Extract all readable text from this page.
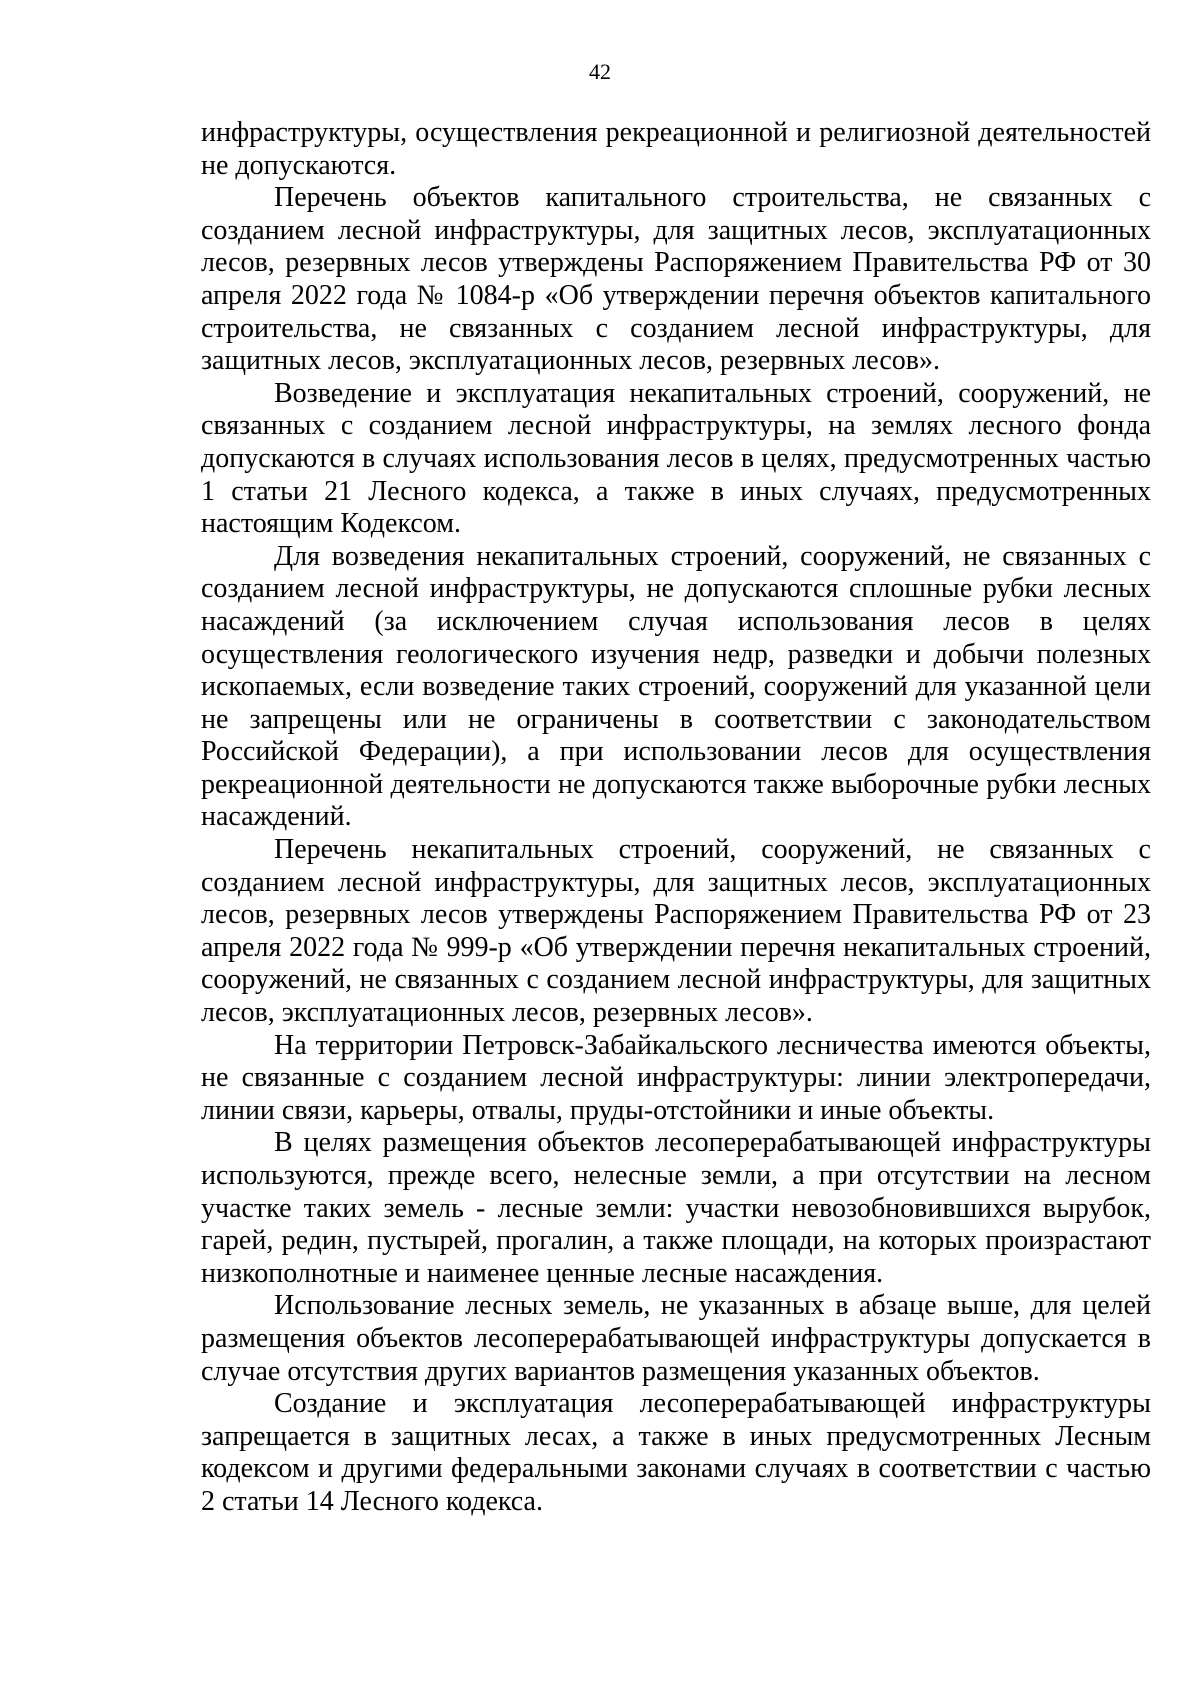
42

инфраструктуры, осуществления рекреационной и религиозной деятельностей не допускаются.

Перечень объектов капитального строительства, не связанных с созданием лесной инфраструктуры, для защитных лесов, эксплуатационных лесов, резервных лесов утверждены Распоряжением Правительства РФ от 30 апреля 2022 года № 1084-р «Об утверждении перечня объектов капитального строительства, не связанных с созданием лесной инфраструктуры, для защитных лесов, эксплуатационных лесов, резервных лесов».

Возведение и эксплуатация некапитальных строений, сооружений, не связанных с созданием лесной инфраструктуры, на землях лесного фонда допускаются в случаях использования лесов в целях, предусмотренных частью 1 статьи 21 Лесного кодекса, а также в иных случаях, предусмотренных настоящим Кодексом.

Для возведения некапитальных строений, сооружений, не связанных с созданием лесной инфраструктуры, не допускаются сплошные рубки лесных насаждений (за исключением случая использования лесов в целях осуществления геологического изучения недр, разведки и добычи полезных ископаемых, если возведение таких строений, сооружений для указанной цели не запрещены или не ограничены в соответствии с законодательством Российской Федерации), а при использовании лесов для осуществления рекреационной деятельности не допускаются также выборочные рубки лесных насаждений.

Перечень некапитальных строений, сооружений, не связанных с созданием лесной инфраструктуры, для защитных лесов, эксплуатационных лесов, резервных лесов утверждены Распоряжением Правительства РФ от 23 апреля 2022 года № 999-р «Об утверждении перечня некапитальных строений, сооружений, не связанных с созданием лесной инфраструктуры, для защитных лесов, эксплуатационных лесов, резервных лесов».

На территории Петровск-Забайкальского лесничества имеются объекты, не связанные с созданием лесной инфраструктуры: линии электропередачи, линии связи, карьеры, отвалы, пруды-отстойники и иные объекты.

В целях размещения объектов лесоперерабатывающей инфраструктуры используются, прежде всего, нелесные земли, а при отсутствии на лесном участке таких земель - лесные земли: участки невозобновившихся вырубок, гарей, редин, пустырей, прогалин, а также площади, на которых произрастают низкополнотные и наименее ценные лесные насаждения.

Использование лесных земель, не указанных в абзаце выше, для целей размещения объектов лесоперерабатывающей инфраструктуры допускается в случае отсутствия других вариантов размещения указанных объектов.

Создание и эксплуатация лесоперерабатывающей инфраструктуры запрещается в защитных лесах, а также в иных предусмотренных Лесным кодексом и другими федеральными законами случаях в соответствии с частью 2 статьи 14 Лесного кодекса.
